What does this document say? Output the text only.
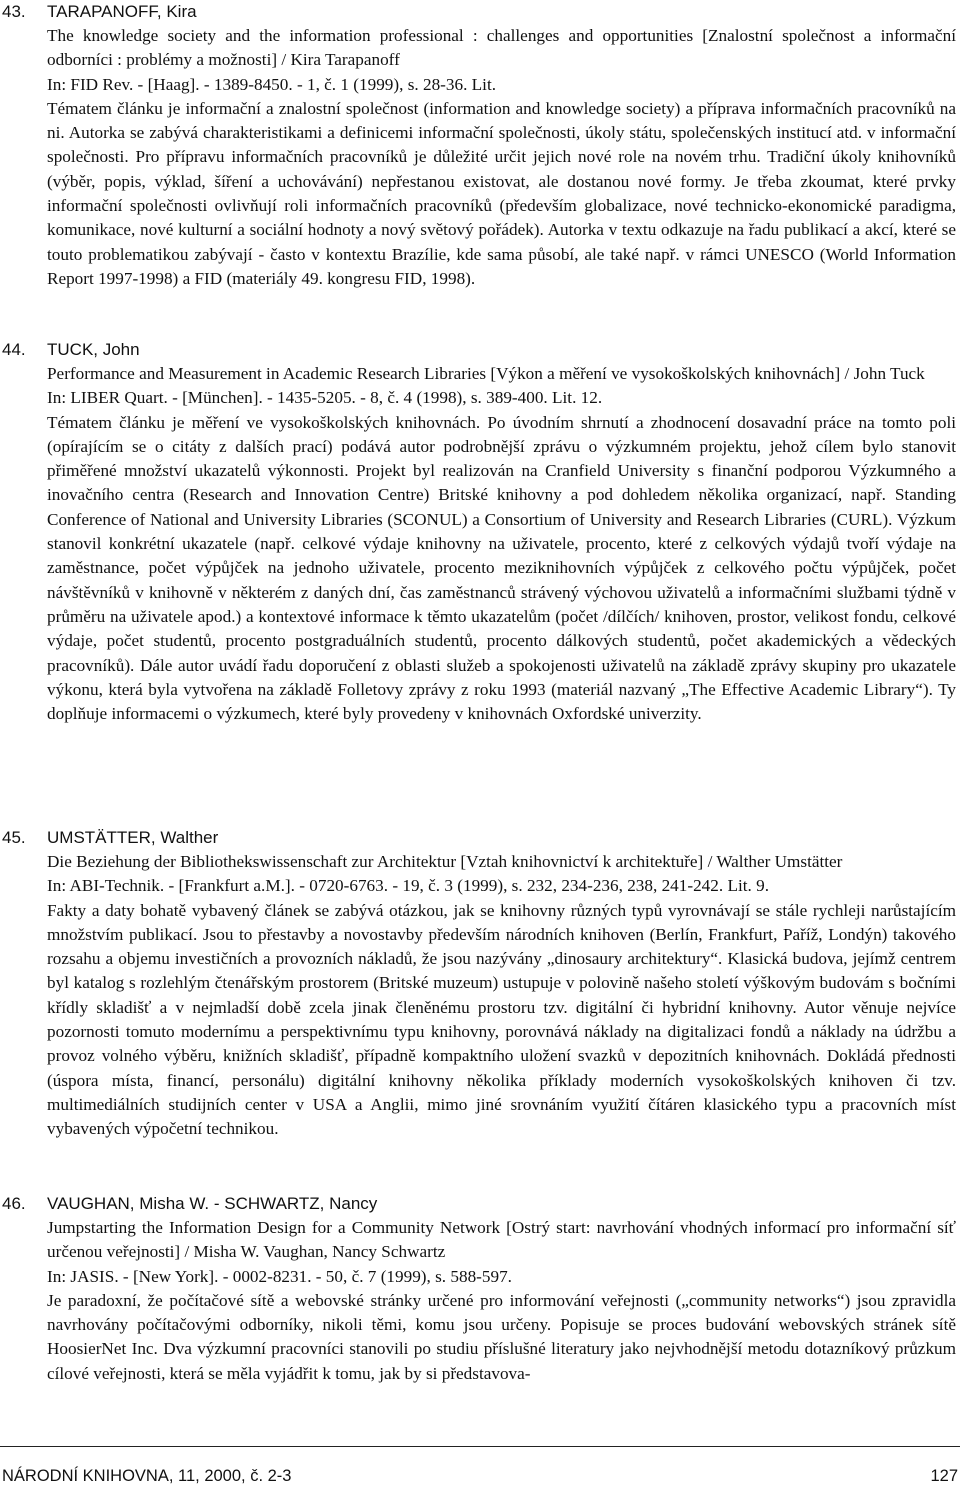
43. TARAPANOFF, Kira

The knowledge society and the information professional : challenges and opportunities [Znalostní společnost a informační odborníci : problémy a možnosti] / Kira Tarapanoff

In: FID Rev. - [Haag]. - 1389-8450. - 1, č. 1 (1999), s. 28-36. Lit.

Tématem článku je informační a znalostní společnost (information and knowledge society) a příprava informačních pracovníků na ni. Autorka se zabývá charakteristikami a definicemi informační společnosti, úkoly státu, společenských institucí atd. v informační společnosti. Pro přípravu informačních pracovníků je důležité určit jejich nové role na novém trhu. Tradiční úkoly knihovníků (výběr, popis, výklad, šíření a uchovávání) nepřestanou existovat, ale dostanou nové formy. Je třeba zkoumat, které prvky informační společnosti ovlivňují roli informačních pracovníků (především globalizace, nové technicko-ekonomické paradigma, komunikace, nové kulturní a sociální hodnoty a nový světový pořádek). Autorka v textu odkazuje na řadu publikací a akcí, které se touto problematikou zabývají - často v kontextu Brazílie, kde sama působí, ale také např. v rámci UNESCO (World Information Report 1997-1998) a FID (materiály 49. kongresu FID, 1998).

44. TUCK, John

Performance and Measurement in Academic Research Libraries [Výkon a měření ve vysokoškolských knihovnách] / John Tuck

In: LIBER Quart. - [München]. - 1435-5205. - 8, č. 4 (1998), s. 389-400. Lit. 12.

Tématem článku je měření ve vysokoškolských knihovnách. Po úvodním shrnutí a zhodnocení dosavadní práce na tomto poli (opírajícím se o citáty z dalších prací) podává autor podrobnější zprávu o výzkumném projektu, jehož cílem bylo stanovit přiměřené množství ukazatelů výkonnosti. Projekt byl realizován na Cranfield University s finanční podporou Výzkumného a inovačního centra (Research and Innovation Centre) Britské knihovny a pod dohledem několika organizací, např. Standing Conference of National and University Libraries (SCONUL) a Consortium of University and Research Libraries (CURL). Výzkum stanovil konkrétní ukazatele (např. celkové výdaje knihovny na uživatele, procento, které z celkových výdajů tvoří výdaje na zaměstnance, počet výpůjček na jednoho uživatele, procento meziknihovních výpůjček z celkového počtu výpůjček, počet návštěvníků v knihovně v některém z daných dní, čas zaměstnanců strávený výchovou uživatelů a informačními službami týdně v průměru na uživatele apod.) a kontextové informace k těmto ukazatelům (počet /dílčích/ knihoven, prostor, velikost fondu, celkové výdaje, počet studentů, procento postgraduálních studentů, procento dálkových studentů, počet akademických a vědeckých pracovníků). Dále autor uvádí řadu doporučení z oblasti služeb a spokojenosti uživatelů na základě zprávy skupiny pro ukazatele výkonu, která byla vytvořena na základě Folletovy zprávy z roku 1993 (materiál nazvaný „The Effective Academic Library“). Ty doplňuje informacemi o výzkumech, které byly provedeny v knihovnách Oxfordské univerzity.

45. UMSTÄTTER, Walther

Die Beziehung der Bibliothekswissenschaft zur Architektur [Vztah knihovnictví k architektuře] / Walther Umstätter

In: ABI-Technik. - [Frankfurt a.M.]. - 0720-6763. - 19, č. 3 (1999), s. 232, 234-236, 238, 241-242. Lit. 9.

Fakty a daty bohatě vybavený článek se zabývá otázkou, jak se knihovny různých typů vyrovnávají se stále rychleji narůstajícím množstvím publikací. Jsou to přestavby a novostavby především národních knihoven (Berlín, Frankfurt, Paříž, Londýn) takového rozsahu a objemu investičních a provozních nákladů, že jsou nazývány „dinosaury architektury“. Klasická budova, jejímž centrem byl katalog s rozlehlým čtenářským prostorem (Britské muzeum) ustupuje v polovině našeho století výškovým budovám s bočními křídly skladišť a v nejmladší době zcela jinak členěnému prostoru tzv. digitální či hybridní knihovny. Autor věnuje nejvíce pozornosti tomuto modernímu a perspektivnímu typu knihovny, porovnává náklady na digitalizaci fondů a náklady na údržbu a provoz volného výběru, knižních skladišť, případně kompaktního uložení svazků v depozitních knihovnách. Dokládá přednosti (úspora místa, financí, personálu) digitální knihovny několika příklady moderních vysokoškolských knihoven či tzv. multimediálních studijních center v USA a Anglii, mimo jiné srovnáním využití čítáren klasického typu a pracovních míst vybavených výpočetní technikou.

46. VAUGHAN, Misha W. - SCHWARTZ, Nancy

Jumpstarting the Information Design for a Community Network [Ostrý start: navrhování vhodných informací pro informační síť určenou veřejnosti] / Misha W. Vaughan, Nancy Schwartz

In: JASIS. - [New York]. - 0002-8231. - 50, č. 7 (1999), s. 588-597.

Je paradoxní, že počítačové sítě a webovské stránky určené pro informování veřejnosti („community networks“) jsou zpravidla navrhovány počítačovými odborníky, nikoli těmi, komu jsou určeny. Popisuje se proces budování webovských stránek sítě HoosierNet Inc. Dva výzkumní pracovníci stanovili po studiu příslušné literatury jako nejvhodnější metodu dotazníkový průzkum cílové veřejnosti, která se měla vyjádřit k tomu, jak by si představova-

NÁRODNÍ KNIHOVNA, 11, 2000, č. 2-3	127
